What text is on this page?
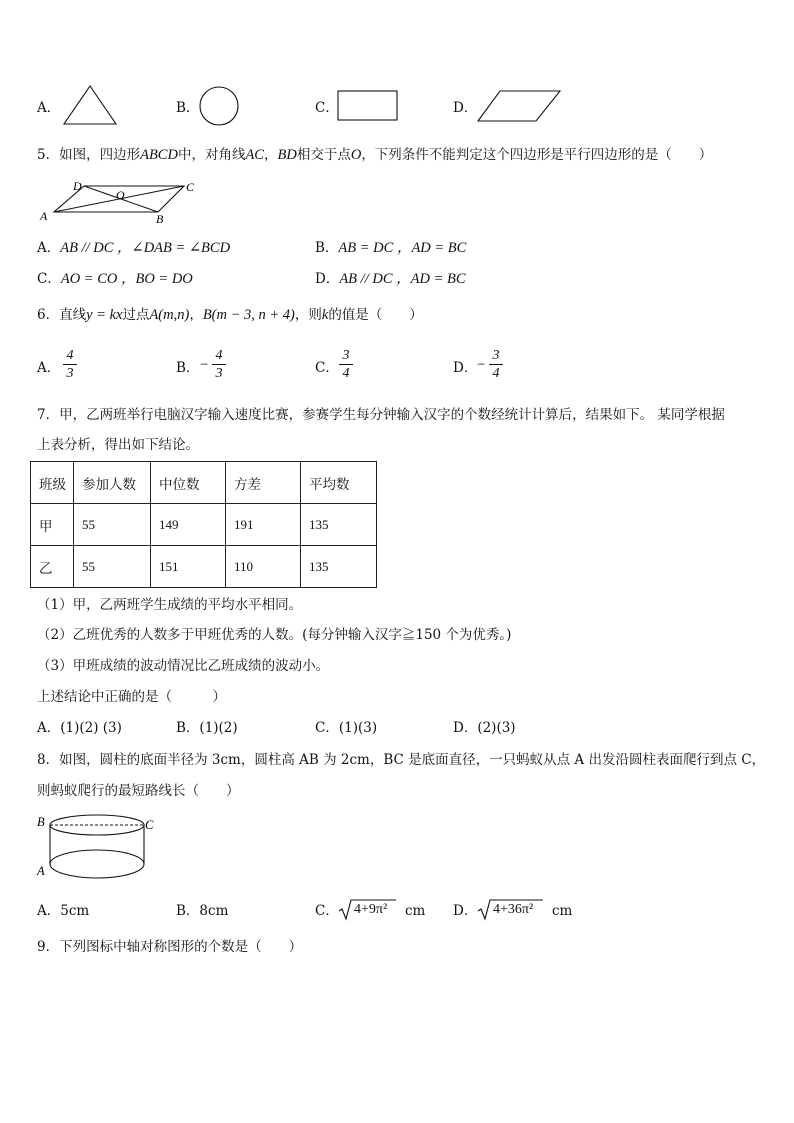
A．	B．	C．	D．
5．如图，四边形ABCD中，对角线AC，BD相交于点O，下列条件不能判定这个四边形是平行四边形的是（　　）
D	C
O
A	B
A．AB // DC ，∠DAB = ∠BCD	B．AB = DC ，AD = BC
C．AO = CO ，BO = DO	D．AB // DC ，AD = BC
6．直线y = kx过点A(m,n)，B(m − 3, n + 4)，则k的值是（　　）
A．
4
3	B． −
4
3	C．
3
4	D． −
3
4
7．甲，乙两班举行电脑汉字输入速度比赛，参赛学生每分钟输入汉字的个数经统计计算后，结果如下。 某同学根据
上表分析，得出如下结论。
班级	参加人数	中位数	方差	平均数
甲	55	149	191	135
乙	55	151	110	135
（1）甲，乙两班学生成绩的平均水平相同。
（2）乙班优秀的人数多于甲班优秀的人数。(每分钟输入汉字≧150 个为优秀。)
（3）甲班成绩的波动情况比乙班成绩的波动小。
上述结论中正确的是（　　　）
A．(1)(2) (3)	B．(1)(2)	C．(1)(3)	D．(2)(3)
8．如图，圆柱的底面半径为 3cm，圆柱高 AB 为 2cm，BC 是底面直径，一只蚂蚁从点 A 出发沿圆柱表面爬行到点 C，
则蚂蚁爬行的最短路线长（　　）
B	C
A
A．5cm	B．8cm	C． 4+9π² cm D． 4+36π² cm
9．下列图标中轴对称图形的个数是（　　）
